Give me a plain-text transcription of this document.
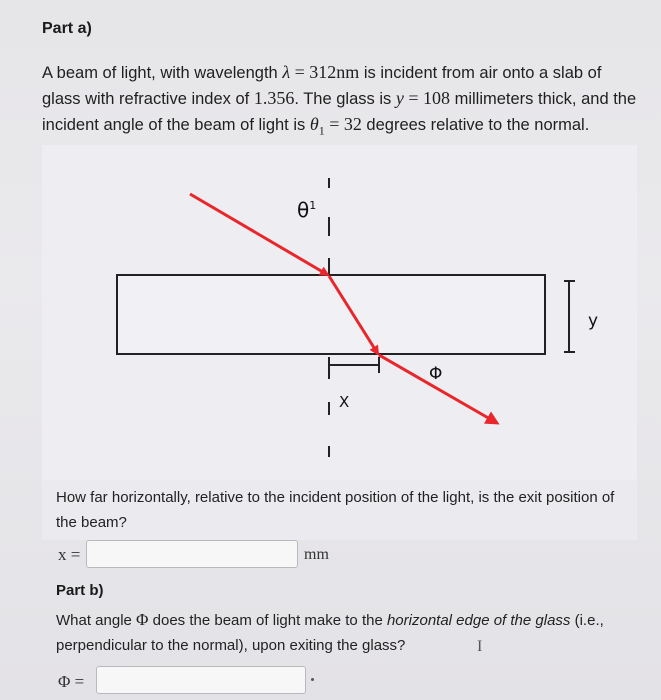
Part a)
A beam of light, with wavelength λ = 312nm is incident from air onto a slab of glass with refractive index of 1.356. The glass is y = 108 millimeters thick, and the incident angle of the beam of light is $\theta_1 = 32$ degrees relative to the normal.
$\theta^1$
Φ
X
y
How far horizontally, relative to the incident position of the light, is the exit position of the beam?
x =	mm
Part b)
What angle Φ does the beam of light make to the horizontal edge of the glass (i.e., perpendicular to the normal), upon exiting the glass?	I
Φ =
